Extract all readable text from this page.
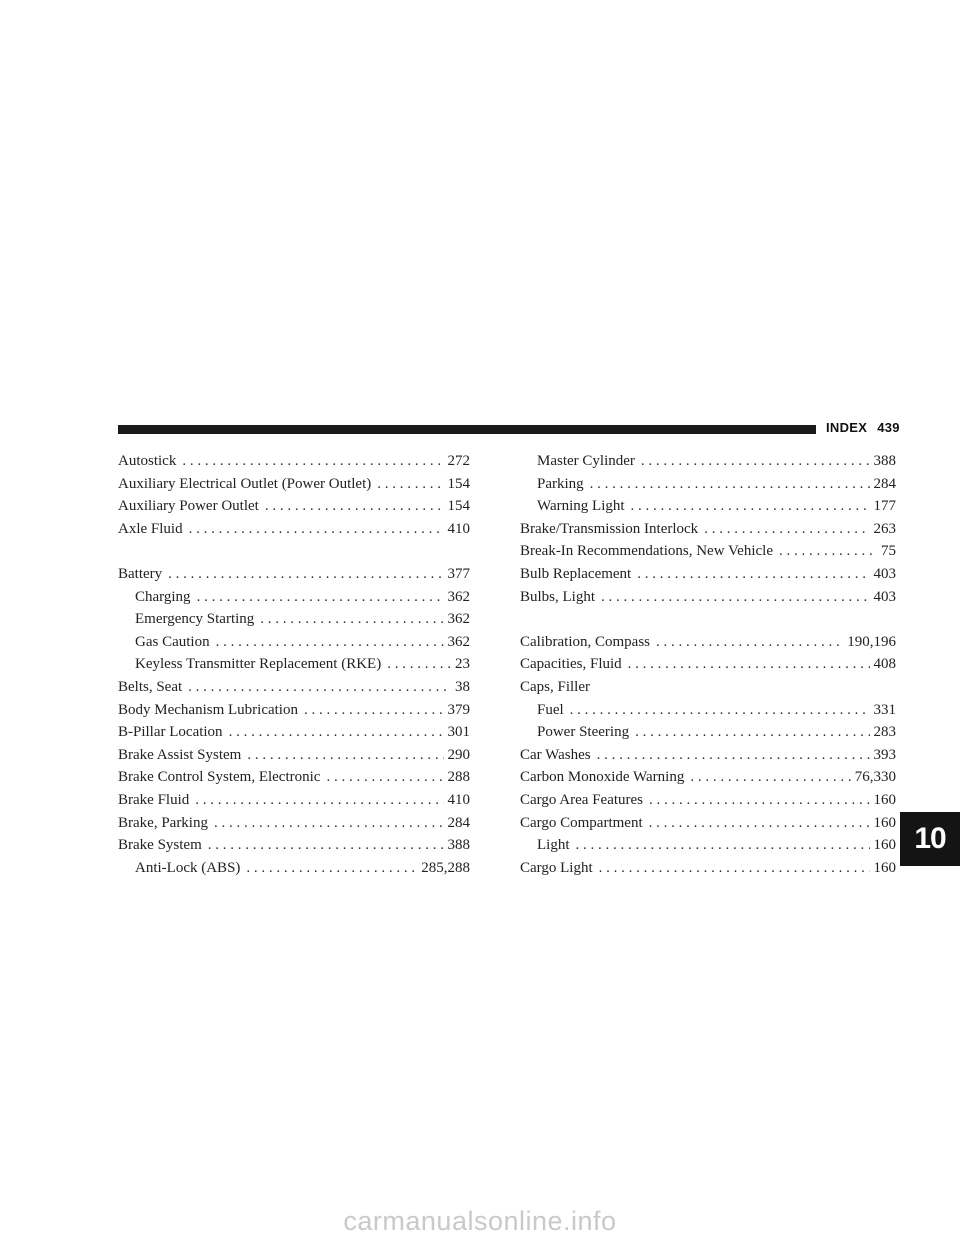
INDEX 439
Autostick . . .	272
Auxiliary Electrical Outlet (Power Outlet) . . .	154
Auxiliary Power Outlet . . .	154
Axle Fluid . . .	410
Battery . . .	377
Charging . . .	362
Emergency Starting . . .	362
Gas Caution . . .	362
Keyless Transmitter Replacement (RKE) . . .	23
Belts, Seat . . .	38
Body Mechanism Lubrication . . .	379
B-Pillar Location . . .	301
Brake Assist System . . .	290
Brake Control System, Electronic . . .	288
Brake Fluid . . .	410
Brake, Parking . . .	284
Brake System . . .	388
Anti-Lock (ABS) . . .	285,288
Master Cylinder . . .	388
Parking . . .	284
Warning Light . . .	177
Brake/Transmission Interlock . . .	263
Break-In Recommendations, New Vehicle . . .	75
Bulb Replacement . . .	403
Bulbs, Light . . .	403
Calibration, Compass . . .	190,196
Capacities, Fluid . . .	408
Caps, Filler
Fuel . . .	331
Power Steering . . .	283
Car Washes . . .	393
Carbon Monoxide Warning . . .	76,330
Cargo Area Features . . .	160
Cargo Compartment . . .	160
Light . . .	160
Cargo Light . . .	160
10
carmanualsonline.info
